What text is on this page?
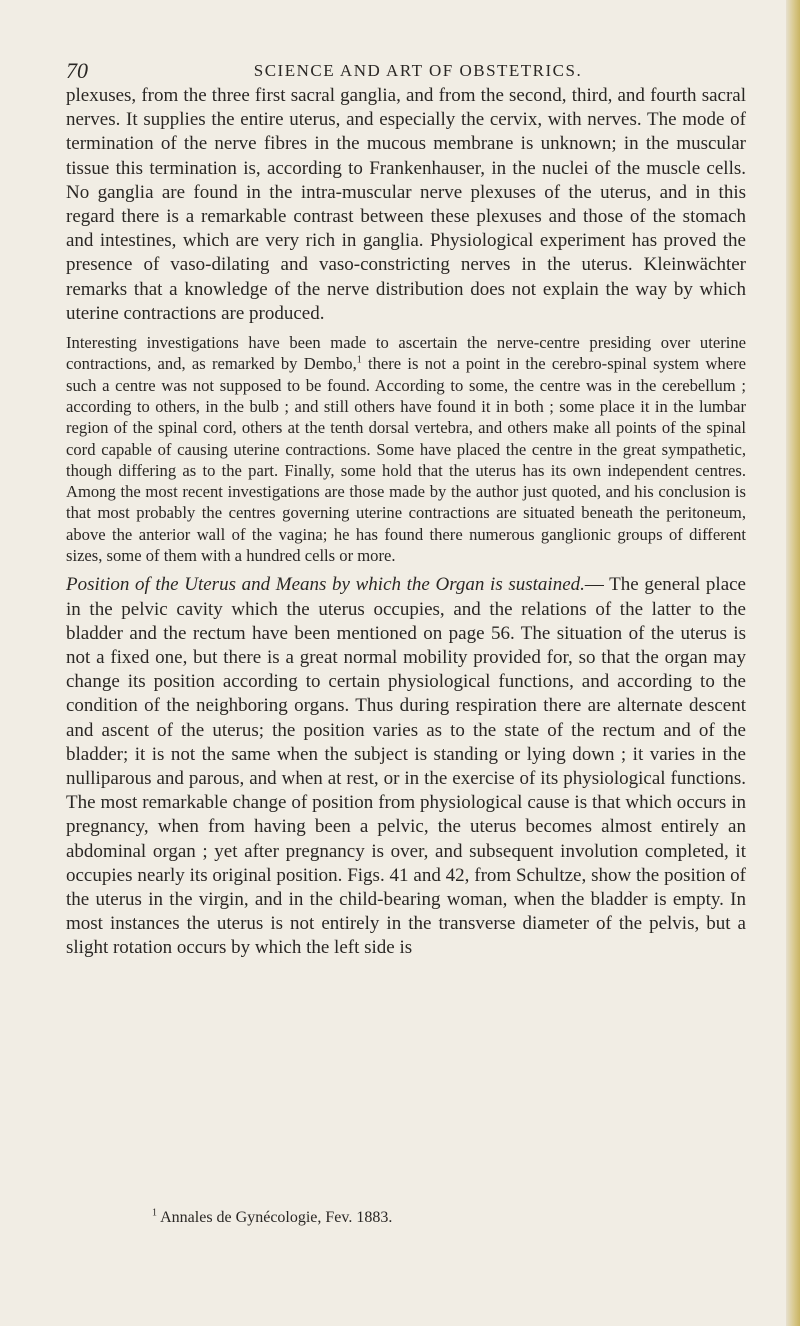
70	SCIENCE AND ART OF OBSTETRICS.

plexuses, from the three first sacral ganglia, and from the second, third, and fourth sacral nerves. It supplies the entire uterus, and especially the cervix, with nerves. The mode of termination of the nerve fibres in the mucous membrane is unknown; in the muscular tissue this termination is, according to Frankenhauser, in the nuclei of the muscle cells. No ganglia are found in the intra-muscular nerve plexuses of the uterus, and in this regard there is a remarkable contrast between these plexuses and those of the stomach and intestines, which are very rich in ganglia. Physiological experiment has proved the presence of vaso-dilating and vaso-constricting nerves in the uterus. Kleinwächter remarks that a knowledge of the nerve distribution does not explain the way by which uterine contractions are produced.

Interesting investigations have been made to ascertain the nerve-centre presiding over uterine contractions, and, as remarked by Dembo,$^1$ there is not a point in the cerebro-spinal system where such a centre was not supposed to be found. According to some, the centre was in the cerebellum ; according to others, in the bulb ; and still others have found it in both ; some place it in the lumbar region of the spinal cord, others at the tenth dorsal vertebra, and others make all points of the spinal cord capable of causing uterine contractions. Some have placed the centre in the great sympathetic, though differing as to the part. Finally, some hold that the uterus has its own independent centres. Among the most recent investigations are those made by the author just quoted, and his conclusion is that most probably the centres governing uterine contractions are situated beneath the peritoneum, above the anterior wall of the vagina; he has found there numerous ganglionic groups of different sizes, some of them with a hundred cells or more.

Position of the Uterus and Means by which the Organ is sustained.— The general place in the pelvic cavity which the uterus occupies, and the relations of the latter to the bladder and the rectum have been mentioned on page 56. The situation of the uterus is not a fixed one, but there is a great normal mobility provided for, so that the organ may change its position according to certain physiological functions, and according to the condition of the neighboring organs. Thus during respiration there are alternate descent and ascent of the uterus; the position varies as to the state of the rectum and of the bladder; it is not the same when the subject is standing or lying down ; it varies in the nulliparous and parous, and when at rest, or in the exercise of its physiological functions. The most remarkable change of position from physiological cause is that which occurs in pregnancy, when from having been a pelvic, the uterus becomes almost entirely an abdominal organ ; yet after pregnancy is over, and subsequent involution completed, it occupies nearly its original position. Figs. 41 and 42, from Schultze, show the position of the uterus in the virgin, and in the child-bearing woman, when the bladder is empty. In most instances the uterus is not entirely in the transverse diameter of the pelvis, but a slight rotation occurs by which the left side is

$^1$ Annales de Gynécologie, Fev. 1883.
